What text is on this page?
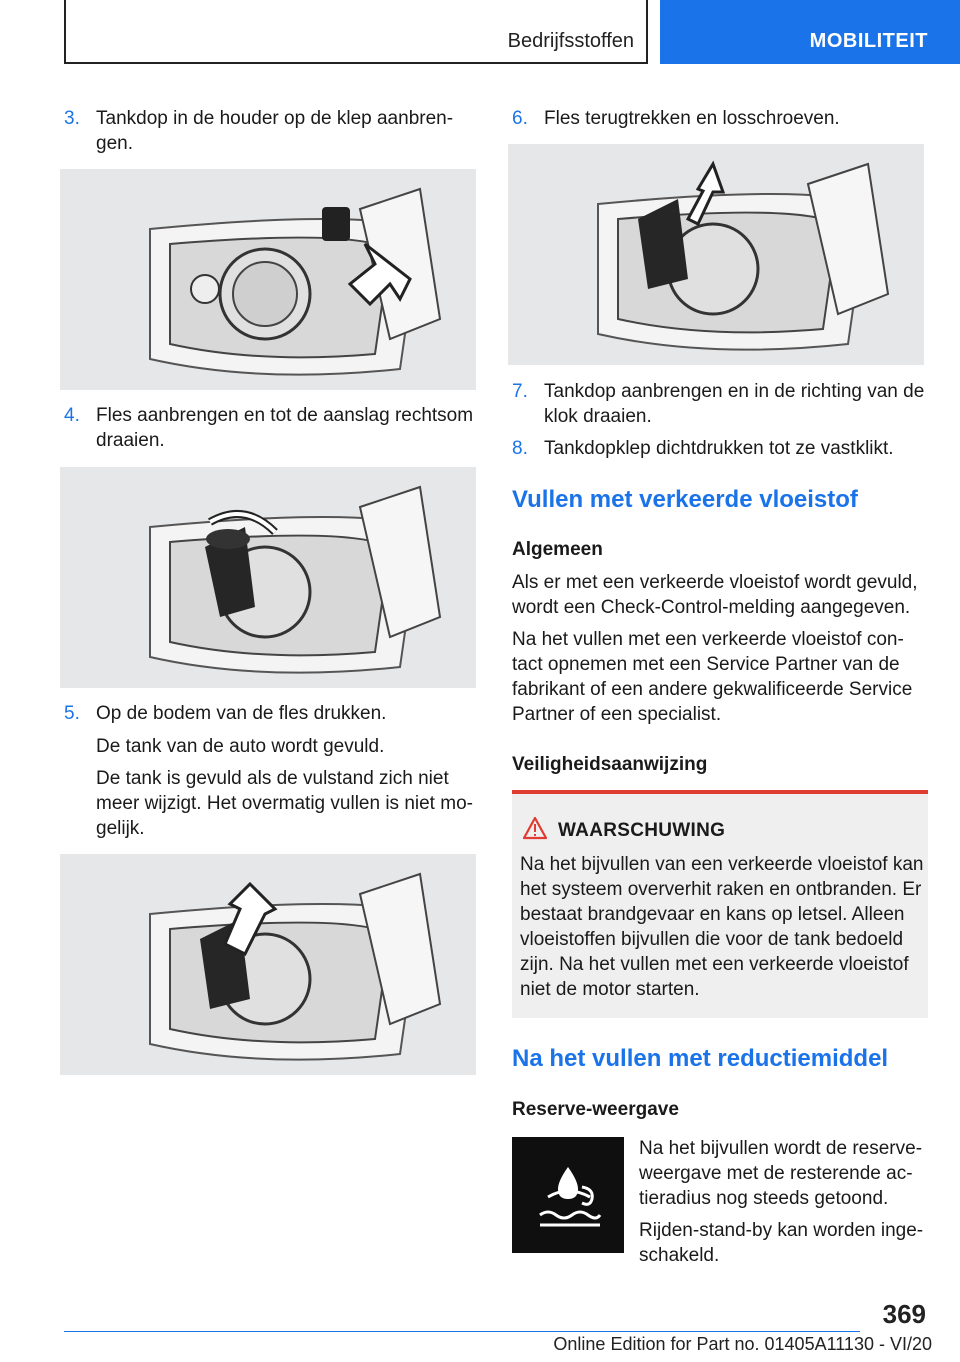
Bedrijfsstoffen	MOBILITEIT
3. Tankdop in de houder op de klep aanbren-gen.
4. Fles aanbrengen en tot de aanslag rechtsom draaien.
5. Op de bodem van de fles drukken.
De tank van de auto wordt gevuld.
De tank is gevuld als de vulstand zich niet meer wijzigt. Het overmatig vullen is niet mo-gelijk.
6. Fles terugtrekken en losschroeven.
7. Tankdop aanbrengen en in de richting van de klok draaien.
8. Tankdopklep dichtdrukken tot ze vastklikt.
Vullen met verkeerde vloeistof
Algemeen
Als er met een verkeerde vloeistof wordt gevuld, wordt een Check-Control-melding aangegeven.
Na het vullen met een verkeerde vloeistof con-tact opnemen met een Service Partner van de fabrikant of een andere gekwalificeerde Service Partner of een specialist.
Veiligheidsaanwijzing
WAARSCHUWING
Na het bijvullen van een verkeerde vloeistof kan het systeem oververhit raken en ontbranden. Er bestaat brandgevaar en kans op letsel. Alleen vloeistoffen bijvullen die voor de tank bedoeld zijn. Na het vullen met een verkeerde vloeistof niet de motor starten.
Na het vullen met reductiemiddel
Reserve-weergave
Na het bijvullen wordt de reserve-weergave met de resterende ac-tieradius nog steeds getoond.
Rijden-stand-by kan worden inge-schakeld.
369
Online Edition for Part no. 01405A11130 - VI/20
